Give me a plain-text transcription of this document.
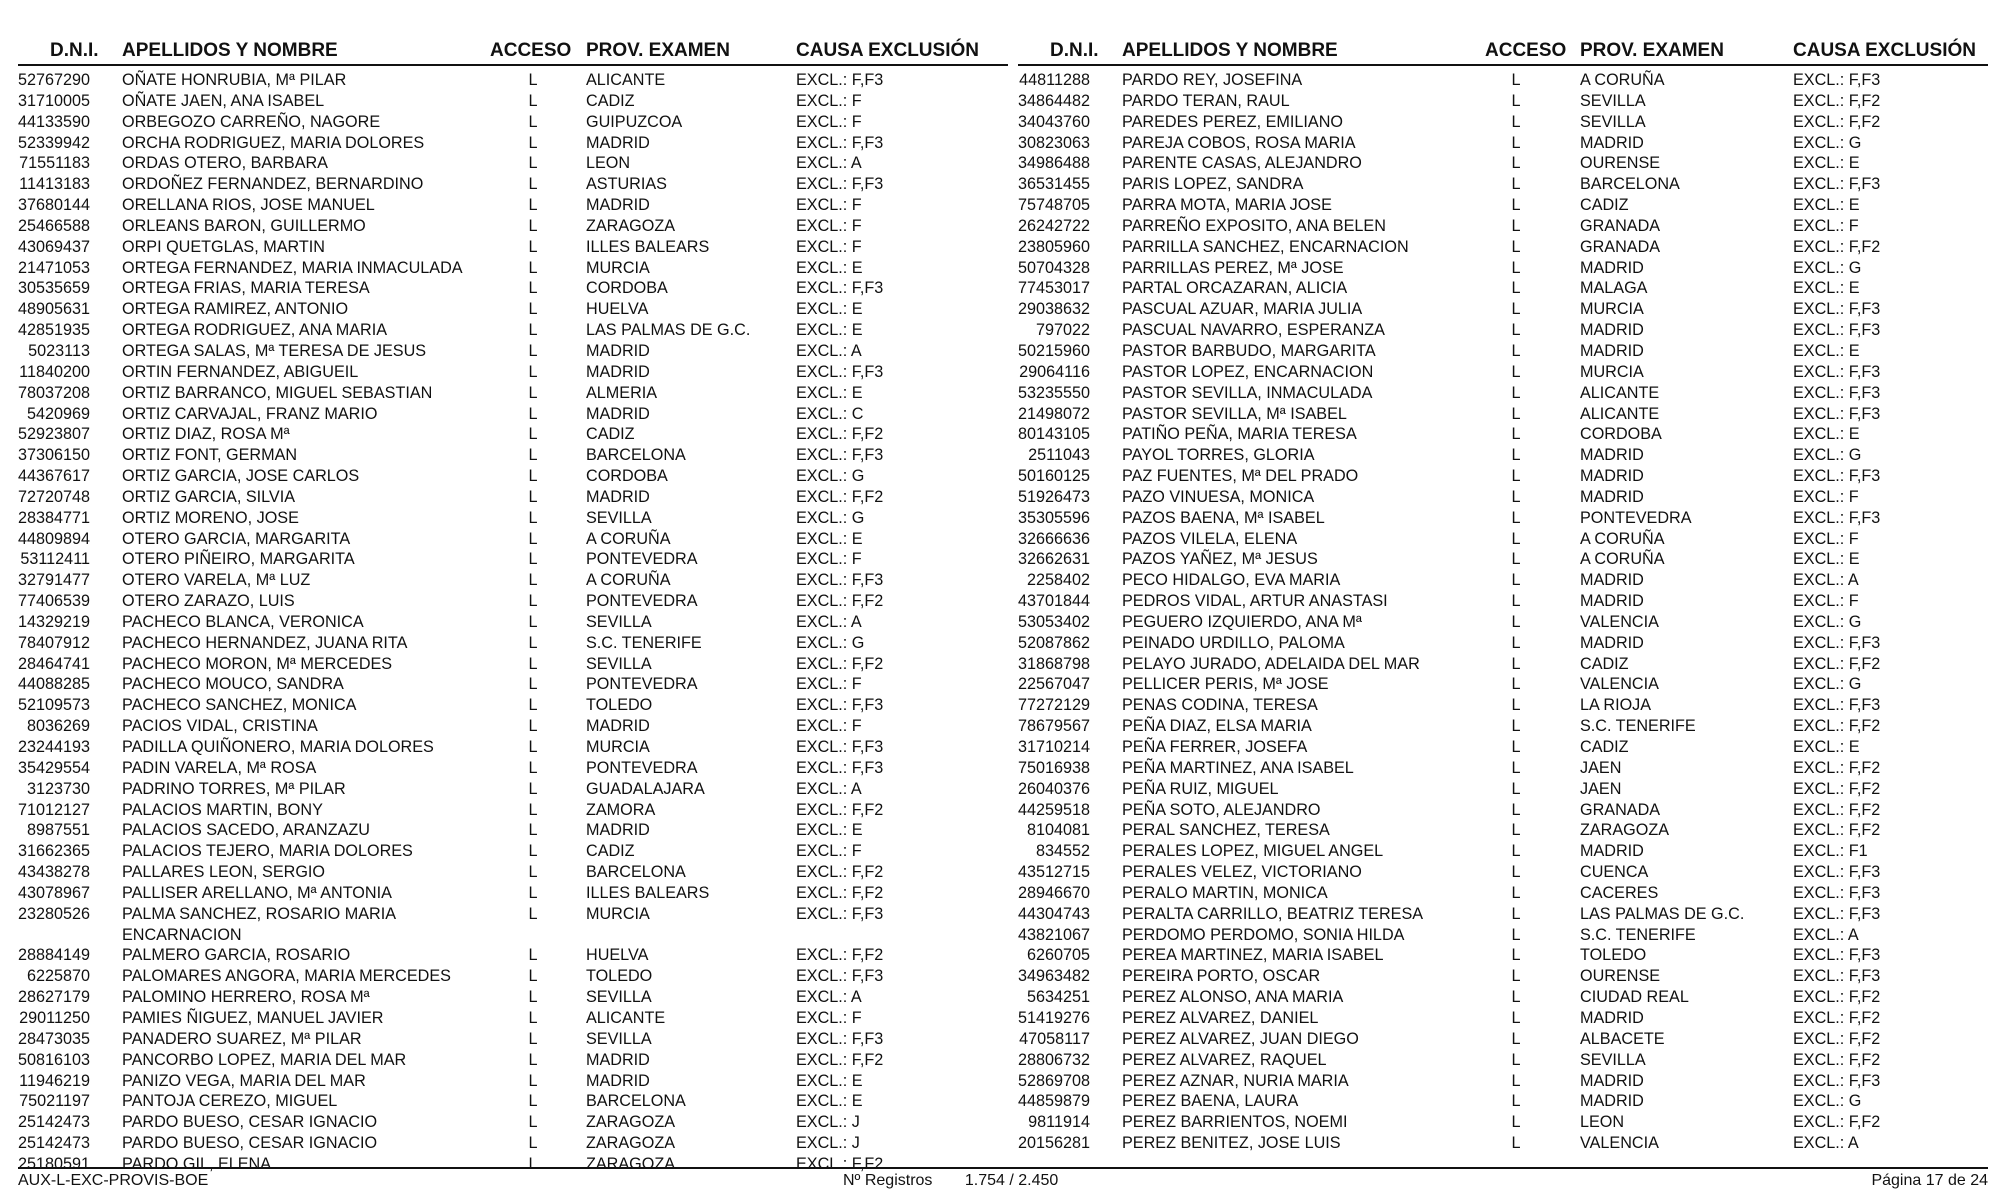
D.N.I. APELLIDOS Y NOMBRE	ACCESO PROV. EXAMEN	CAUSA EXCLUSIÓN
52767290 OÑATE HONRUBIA, Mª PILAR	L	ALICANTE	EXCL.: F,F3
31710005 OÑATE JAEN, ANA ISABEL	L	CADIZ	EXCL.: F
44133590 ORBEGOZO CARREÑO, NAGORE	L	GUIPUZCOA	EXCL.: F
52339942 ORCHA RODRIGUEZ, MARIA DOLORES	L	MADRID	EXCL.: F,F3
71551183 ORDAS OTERO, BARBARA	L	LEON	EXCL.: A
11413183 ORDOÑEZ FERNANDEZ, BERNARDINO	L	ASTURIAS	EXCL.: F,F3
37680144 ORELLANA RIOS, JOSE MANUEL	L	MADRID	EXCL.: F
25466588 ORLEANS BARON, GUILLERMO	L	ZARAGOZA	EXCL.: F
43069437 ORPI QUETGLAS, MARTIN	L	ILLES BALEARS	EXCL.: F
21471053 ORTEGA FERNANDEZ, MARIA INMACULADA	L	MURCIA	EXCL.: E
30535659 ORTEGA FRIAS, MARIA TERESA	L	CORDOBA	EXCL.: F,F3
48905631 ORTEGA RAMIREZ, ANTONIO	L	HUELVA	EXCL.: E
42851935 ORTEGA RODRIGUEZ, ANA MARIA	L	LAS PALMAS DE G.C.	EXCL.: E
5023113 ORTEGA SALAS, Mª TERESA DE JESUS	L	MADRID	EXCL.: A
11840200 ORTIN FERNANDEZ, ABIGUEIL	L	MADRID	EXCL.: F,F3
78037208 ORTIZ BARRANCO, MIGUEL SEBASTIAN	L	ALMERIA	EXCL.: E
5420969 ORTIZ CARVAJAL, FRANZ MARIO	L	MADRID	EXCL.: C
52923807 ORTIZ DIAZ, ROSA Mª	L	CADIZ	EXCL.: F,F2
37306150 ORTIZ FONT, GERMAN	L	BARCELONA	EXCL.: F,F3
44367617 ORTIZ GARCIA, JOSE CARLOS	L	CORDOBA	EXCL.: G
72720748 ORTIZ GARCIA, SILVIA	L	MADRID	EXCL.: F,F2
28384771 ORTIZ MORENO, JOSE	L	SEVILLA	EXCL.: G
44809894 OTERO GARCIA, MARGARITA	L	A CORUÑA	EXCL.: E
53112411 OTERO PIÑEIRO, MARGARITA	L	PONTEVEDRA	EXCL.: F
32791477 OTERO VARELA, Mª LUZ	L	A CORUÑA	EXCL.: F,F3
77406539 OTERO ZARAZO, LUIS	L	PONTEVEDRA	EXCL.: F,F2
14329219 PACHECO BLANCA, VERONICA	L	SEVILLA	EXCL.: A
78407912 PACHECO HERNANDEZ, JUANA RITA	L	S.C. TENERIFE	EXCL.: G
28464741 PACHECO MORON, Mª MERCEDES	L	SEVILLA	EXCL.: F,F2
44088285 PACHECO MOUCO, SANDRA	L	PONTEVEDRA	EXCL.: F
52109573 PACHECO SANCHEZ, MONICA	L	TOLEDO	EXCL.: F,F3
8036269 PACIOS VIDAL, CRISTINA	L	MADRID	EXCL.: F
23244193 PADILLA QUIÑONERO, MARIA DOLORES	L	MURCIA	EXCL.: F,F3
35429554 PADIN VARELA, Mª ROSA	L	PONTEVEDRA	EXCL.: F,F3
3123730 PADRINO TORRES, Mª PILAR	L	GUADALAJARA	EXCL.: A
71012127 PALACIOS MARTIN, BONY	L	ZAMORA	EXCL.: F,F2
8987551 PALACIOS SACEDO, ARANZAZU	L	MADRID	EXCL.: E
31662365 PALACIOS TEJERO, MARIA DOLORES	L	CADIZ	EXCL.: F
43438278 PALLARES LEON, SERGIO	L	BARCELONA	EXCL.: F,F2
43078967 PALLISER ARELLANO, Mª ANTONIA	L	ILLES BALEARS	EXCL.: F,F2
23280526 PALMA SANCHEZ, ROSARIO MARIA	L	MURCIA	EXCL.: F,F3
ENCARNACION
28884149 PALMERO GARCIA, ROSARIO	L	HUELVA	EXCL.: F,F2
6225870 PALOMARES ANGORA, MARIA MERCEDES	L	TOLEDO	EXCL.: F,F3
28627179 PALOMINO HERRERO, ROSA Mª	L	SEVILLA	EXCL.: A
29011250 PAMIES ÑIGUEZ, MANUEL JAVIER	L	ALICANTE	EXCL.: F
28473035 PANADERO SUAREZ, Mª PILAR	L	SEVILLA	EXCL.: F,F3
50816103 PANCORBO LOPEZ, MARIA DEL MAR	L	MADRID	EXCL.: F,F2
11946219 PANIZO VEGA, MARIA DEL MAR	L	MADRID	EXCL.: E
75021197 PANTOJA CEREZO, MIGUEL	L	BARCELONA	EXCL.: E
25142473 PARDO BUESO, CESAR IGNACIO	L	ZARAGOZA	EXCL.: J
25142473 PARDO BUESO, CESAR IGNACIO	L	ZARAGOZA	EXCL.: J
25180591 PARDO GIL, ELENA	L	ZARAGOZA	EXCL.: F,F2
D.N.I. APELLIDOS Y NOMBRE	ACCESO PROV. EXAMEN	CAUSA EXCLUSIÓN
44811288 PARDO REY, JOSEFINA	L	A CORUÑA	EXCL.: F,F3
34864482 PARDO TERAN, RAUL	L	SEVILLA	EXCL.: F,F2
34043760 PAREDES PEREZ, EMILIANO	L	SEVILLA	EXCL.: F,F2
30823063 PAREJA COBOS, ROSA MARIA	L	MADRID	EXCL.: G
34986488 PARENTE CASAS, ALEJANDRO	L	OURENSE	EXCL.: E
36531455 PARIS LOPEZ, SANDRA	L	BARCELONA	EXCL.: F,F3
75748705 PARRA MOTA, MARIA JOSE	L	CADIZ	EXCL.: E
26242722 PARREÑO EXPOSITO, ANA BELEN	L	GRANADA	EXCL.: F
23805960 PARRILLA SANCHEZ, ENCARNACION	L	GRANADA	EXCL.: F,F2
50704328 PARRILLAS PEREZ, Mª JOSE	L	MADRID	EXCL.: G
77453017 PARTAL ORCAZARAN, ALICIA	L	MALAGA	EXCL.: E
29038632 PASCUAL AZUAR, MARIA JULIA	L	MURCIA	EXCL.: F,F3
797022 PASCUAL NAVARRO, ESPERANZA	L	MADRID	EXCL.: F,F3
50215960 PASTOR BARBUDO, MARGARITA	L	MADRID	EXCL.: E
29064116 PASTOR LOPEZ, ENCARNACION	L	MURCIA	EXCL.: F,F3
53235550 PASTOR SEVILLA, INMACULADA	L	ALICANTE	EXCL.: F,F3
21498072 PASTOR SEVILLA, Mª ISABEL	L	ALICANTE	EXCL.: F,F3
80143105 PATIÑO PEÑA, MARIA TERESA	L	CORDOBA	EXCL.: E
2511043 PAYOL TORRES, GLORIA	L	MADRID	EXCL.: G
50160125 PAZ FUENTES, Mª DEL PRADO	L	MADRID	EXCL.: F,F3
51926473 PAZO VINUESA, MONICA	L	MADRID	EXCL.: F
35305596 PAZOS BAENA, Mª ISABEL	L	PONTEVEDRA	EXCL.: F,F3
32666636 PAZOS VILELA, ELENA	L	A CORUÑA	EXCL.: F
32662631 PAZOS YAÑEZ, Mª JESUS	L	A CORUÑA	EXCL.: E
2258402 PECO HIDALGO, EVA MARIA	L	MADRID	EXCL.: A
43701844 PEDROS VIDAL, ARTUR ANASTASI	L	MADRID	EXCL.: F
53053402 PEGUERO IZQUIERDO, ANA Mª	L	VALENCIA	EXCL.: G
52087862 PEINADO URDILLO, PALOMA	L	MADRID	EXCL.: F,F3
31868798 PELAYO JURADO, ADELAIDA DEL MAR	L	CADIZ	EXCL.: F,F2
22567047 PELLICER PERIS, Mª JOSE	L	VALENCIA	EXCL.: G
77272129 PENAS CODINA, TERESA	L	LA RIOJA	EXCL.: F,F3
78679567 PEÑA DIAZ, ELSA MARIA	L	S.C. TENERIFE	EXCL.: F,F2
31710214 PEÑA FERRER, JOSEFA	L	CADIZ	EXCL.: E
75016938 PEÑA MARTINEZ, ANA ISABEL	L	JAEN	EXCL.: F,F2
26040376 PEÑA RUIZ, MIGUEL	L	JAEN	EXCL.: F,F2
44259518 PEÑA SOTO, ALEJANDRO	L	GRANADA	EXCL.: F,F2
8104081 PERAL SANCHEZ, TERESA	L	ZARAGOZA	EXCL.: F,F2
834552 PERALES LOPEZ, MIGUEL ANGEL	L	MADRID	EXCL.: F1
43512715 PERALES VELEZ, VICTORIANO	L	CUENCA	EXCL.: F,F3
28946670 PERALO MARTIN, MONICA	L	CACERES	EXCL.: F,F3
44304743 PERALTA CARRILLO, BEATRIZ TERESA	L	LAS PALMAS DE G.C.	EXCL.: F,F3
43821067 PERDOMO PERDOMO, SONIA HILDA	L	S.C. TENERIFE	EXCL.: A
6260705 PEREA MARTINEZ, MARIA ISABEL	L	TOLEDO	EXCL.: F,F3
34963482 PEREIRA PORTO, OSCAR	L	OURENSE	EXCL.: F,F3
5634251 PEREZ ALONSO, ANA MARIA	L	CIUDAD REAL	EXCL.: F,F2
51419276 PEREZ ALVAREZ, DANIEL	L	MADRID	EXCL.: F,F2
47058117 PEREZ ALVAREZ, JUAN DIEGO	L	ALBACETE	EXCL.: F,F2
28806732 PEREZ ALVAREZ, RAQUEL	L	SEVILLA	EXCL.: F,F2
52869708 PEREZ AZNAR, NURIA MARIA	L	MADRID	EXCL.: F,F3
44859879 PEREZ BAENA, LAURA	L	MADRID	EXCL.: G
9811914 PEREZ BARRIENTOS, NOEMI	L	LEON	EXCL.: F,F2
20156281 PEREZ BENITEZ, JOSE LUIS	L	VALENCIA	EXCL.: A
AUX-L-EXC-PROVIS-BOE	Nº Registros 1.754 / 2.450	Página 17 de 24
